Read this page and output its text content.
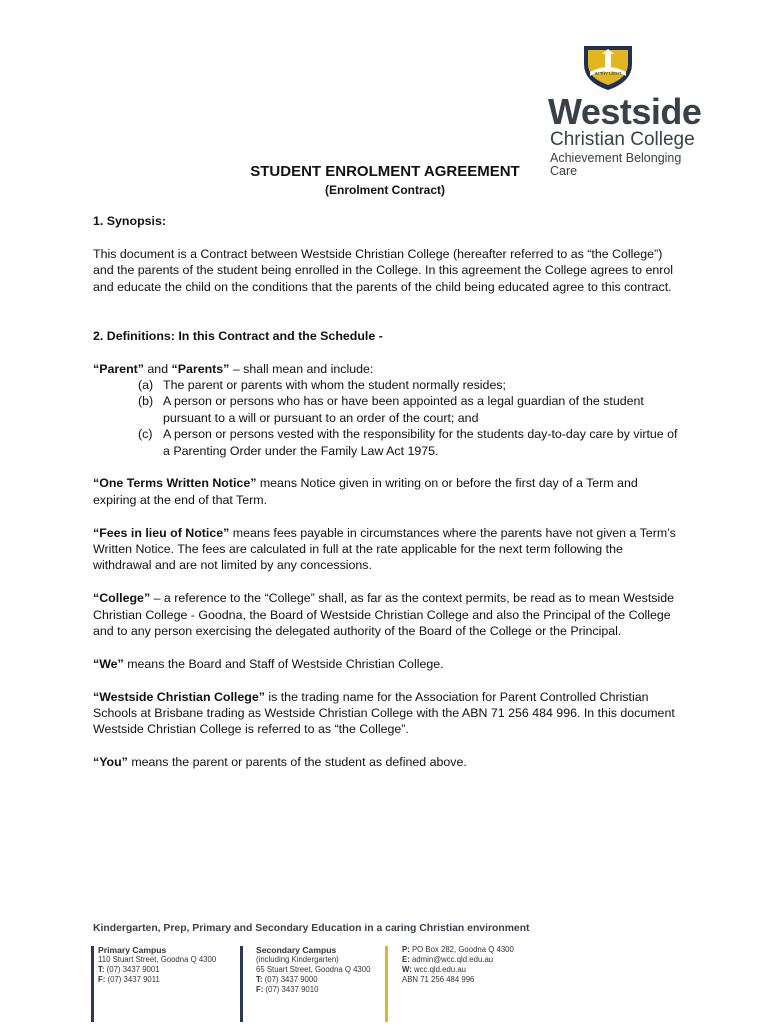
IN THY LIGHT
Westside
Christian College
Achievement Belonging Care
STUDENT ENROLMENT AGREEMENT
(Enrolment Contract)

1. Synopsis:

This document is a Contract between Westside Christian College (hereafter referred to as “the College”) and the parents of the student being enrolled in the College. In this agreement the College agrees to enrol and educate the child on the conditions that the parents of the child being educated agree to this contract.

2. Definitions: In this Contract and the Schedule -

“Parent” and “Parents” – shall mean and include:

(a) The parent or parents with whom the student normally resides;
(b) A person or persons who has or have been appointed as a legal guardian of the student pursuant to a will or pursuant to an order of the court; and
(c) A person or persons vested with the responsibility for the students day-to-day care by virtue of a Parenting Order under the Family Law Act 1975.

“One Terms Written Notice” means Notice given in writing on or before the first day of a Term and expiring at the end of that Term.

“Fees in lieu of Notice” means fees payable in circumstances where the parents have not given a Term’s Written Notice. The fees are calculated in full at the rate applicable for the next term following the withdrawal and are not limited by any concessions.

“College” – a reference to the “College” shall, as far as the context permits, be read as to mean Westside Christian College - Goodna, the Board of Westside Christian College and also the Principal of the College and to any person exercising the delegated authority of the Board of the College or the Principal.

“We” means the Board and Staff of Westside Christian College.

“Westside Christian College” is the trading name for the Association for Parent Controlled Christian Schools at Brisbane trading as Westside Christian College with the ABN 71 256 484 996. In this document Westside Christian College is referred to as “the College”.

“You” means the parent or parents of the student as defined above.

Kindergarten, Prep, Primary and Secondary Education in a caring Christian environment
Primary Campus
110 Stuart Street, Goodna Q 4300
T: (07) 3437 9001
F: (07) 3437 9011
Secondary Campus
(including Kindergarten)
65 Stuart Street, Goodna Q 4300
T: (07) 3437 9000
F: (07) 3437 9010
P: PO Box 282, Goodna Q 4300
E: admin@wcc.qld.edu.au
W: wcc.qld.edu.au
ABN 71 256 484 996
